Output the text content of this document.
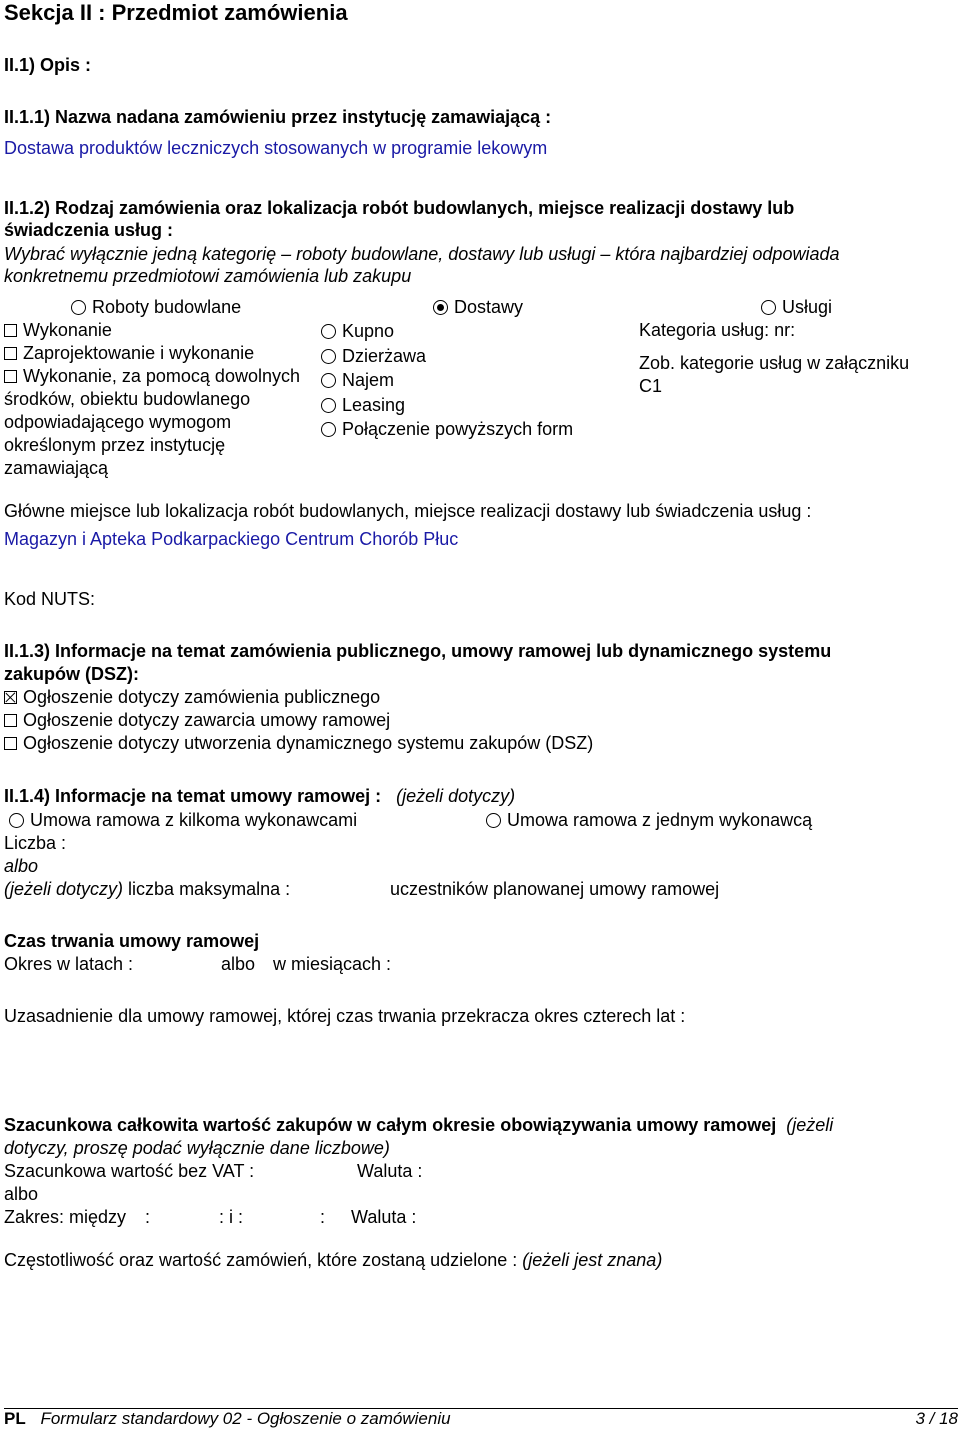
Sekcja II : Przedmiot zamówienia
II.1) Opis :
II.1.1) Nazwa nadana zamówieniu przez instytucję zamawiającą :
Dostawa produktów leczniczych stosowanych w programie lekowym
II.1.2) Rodzaj zamówienia oraz lokalizacja robót budowlanych, miejsce realizacji dostawy lub
świadczenia usług :
Wybrać wyłącznie jedną kategorię – roboty budowlane, dostawy lub usługi – która najbardziej odpowiada
konkretnemu przedmiotowi zamówienia lub zakupu
Roboty budowlane	Dostawy	Usługi
Wykonanie
Zaprojektowanie i wykonanie
Wykonanie, za pomocą dowolnych
środków, obiektu budowlanego
odpowiadającego wymogom
określonym przez instytucję
zamawiającą
Kupno
Dzierżawa
Najem
Leasing
Połączenie powyższych form
Kategoria usług: nr:
Zob. kategorie usług w załączniku
C1
Główne miejsce lub lokalizacja robót budowlanych, miejsce realizacji dostawy lub świadczenia usług :
Magazyn i Apteka Podkarpackiego Centrum Chorób Płuc
Kod NUTS:
II.1.3) Informacje na temat zamówienia publicznego, umowy ramowej lub dynamicznego systemu
zakupów (DSZ):
Ogłoszenie dotyczy zamówienia publicznego
Ogłoszenie dotyczy zawarcia umowy ramowej
Ogłoszenie dotyczy utworzenia dynamicznego systemu zakupów (DSZ)
II.1.4) Informacje na temat umowy ramowej : (jeżeli dotyczy)
Umowa ramowa z kilkoma wykonawcami	Umowa ramowa z jednym wykonawcą
Liczba :
albo
(jeżeli dotyczy) liczba maksymalna :	uczestników planowanej umowy ramowej
Czas trwania umowy ramowej
Okres w latach :	albo w miesiącach :
Uzasadnienie dla umowy ramowej, której czas trwania przekracza okres czterech lat :
Szacunkowa całkowita wartość zakupów w całym okresie obowiązywania umowy ramowej (jeżeli
dotyczy, proszę podać wyłącznie dane liczbowe)
Szacunkowa wartość bez VAT :	Waluta :
albo
Zakres: między :	: i :	: Waluta :
Częstotliwość oraz wartość zamówień, które zostaną udzielone : (jeżeli jest znana)
PL Formularz standardowy 02 - Ogłoszenie o zamówieniu	3 / 18
